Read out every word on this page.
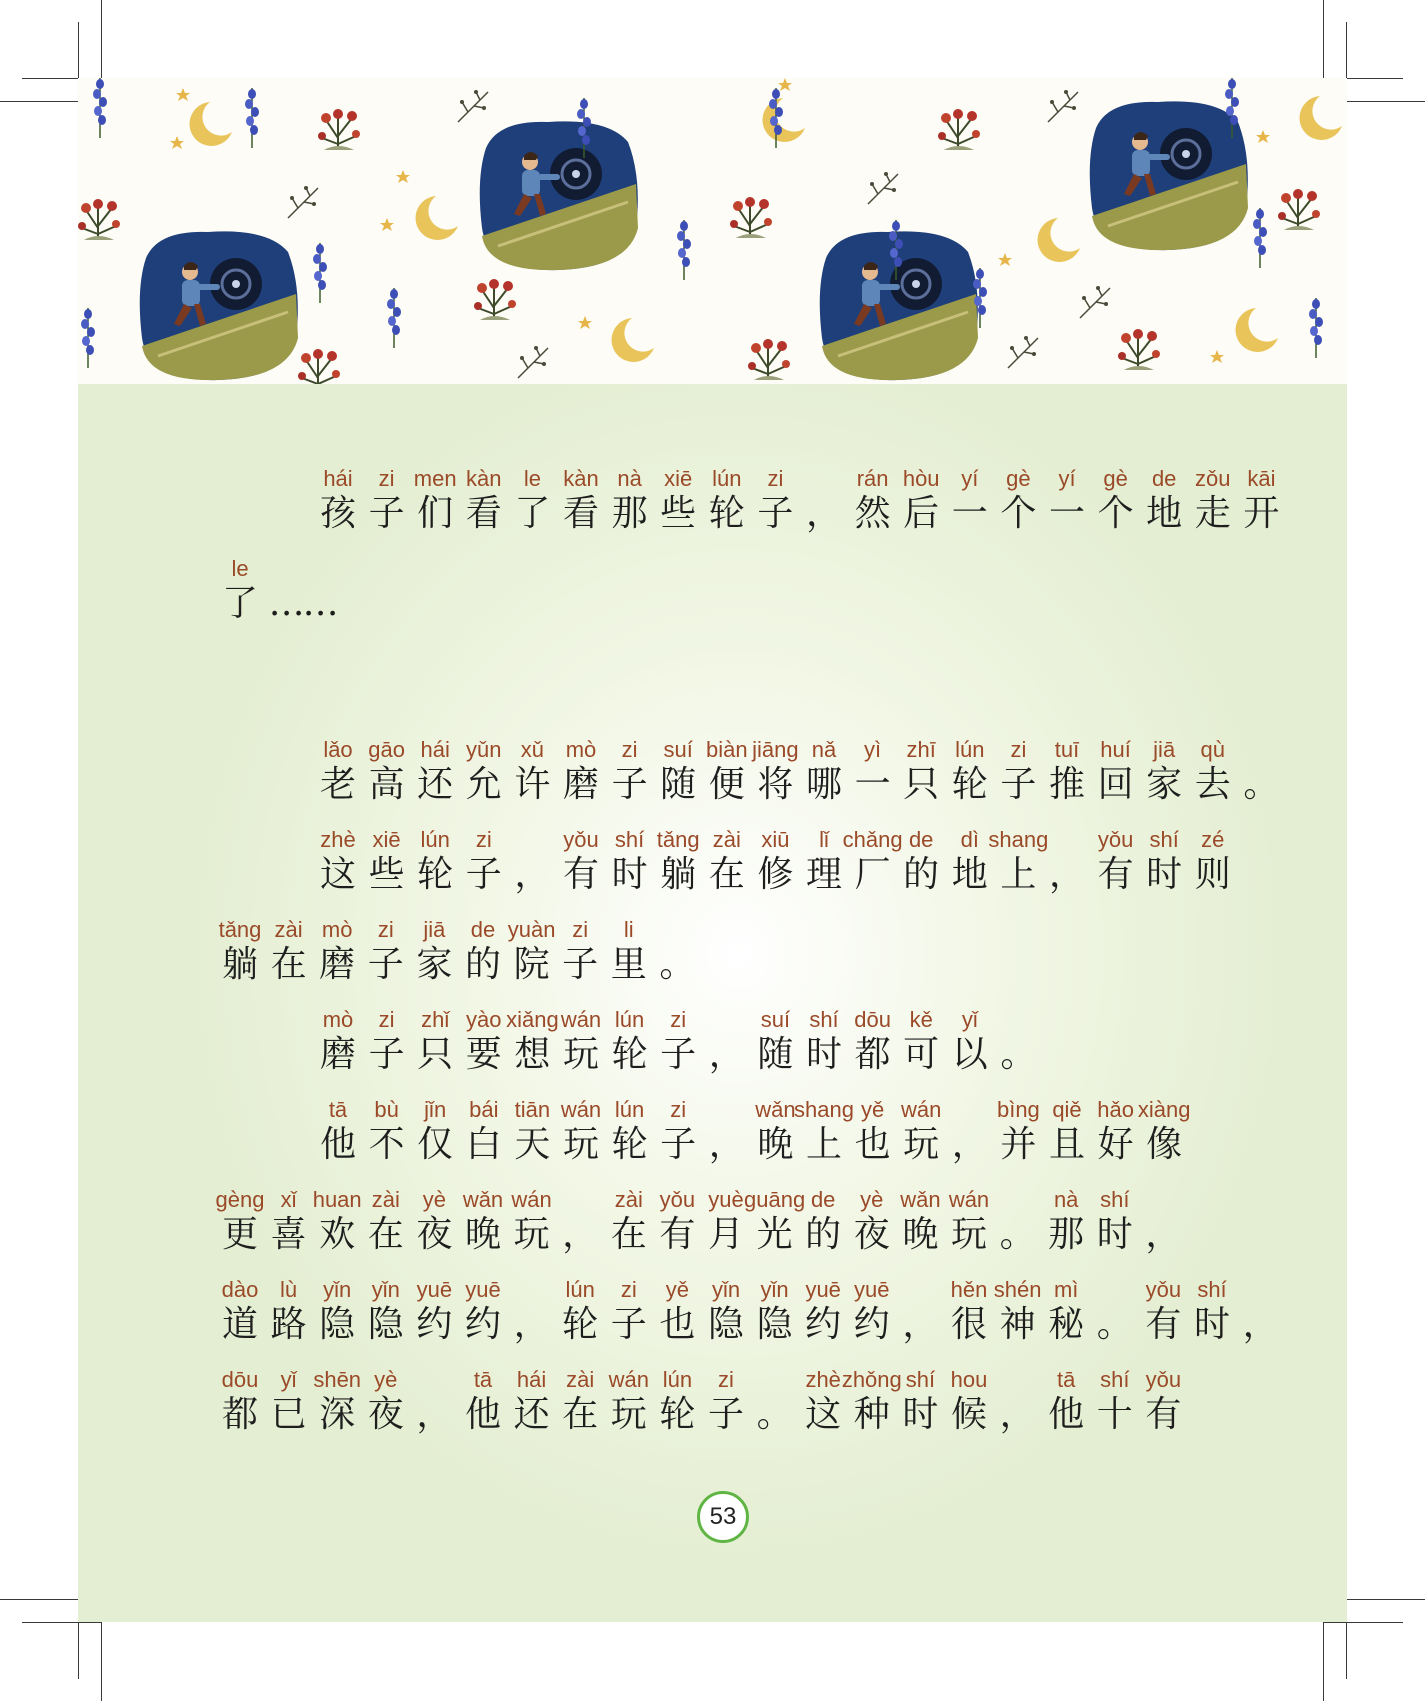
hái
孩
zi
子
men
们
kàn
看
le
了
kàn
看
nà
那
xiē
些
lún
轮
zi
子 ，
rán
然
hòu
后
yí
一
gè
个
yí
一
gè
个
de
地
zǒu
走
kāi
开
le
了 ……
lǎo
老
gāo
高
hái
还
yǔn
允
xǔ
许
mò
磨
zi
子
suí
随
biàn
便
jiāng
将
nǎ
哪
yì
一
zhī
只
lún
轮
zi
子
tuī
推
huí
回
jiā
家
qù
去 。
zhè
这
xiē
些
lún
轮
zi
子 ，
yǒu
有
shí
时
tǎng
躺
zài
在
xiū
修
lǐ
理
chǎng
厂
de
的
dì
地
shang
上 ，
yǒu
有
shí
时
zé
则
tǎng
躺
zài
在
mò
磨
zi
子
jiā
家
de
的
yuàn
院
zi
子
li
里 。
mò
磨
zi
子
zhǐ
只
yào
要
xiǎng
想
wán
玩
lún
轮
zi
子 ，
suí
随
shí
时
dōu
都
kě
可
yǐ
以 。
tā
他
bù
不
jǐn
仅
bái
白
tiān
天
wán
玩
lún
轮
zi
子 ，
wǎn
晚
shang
上
yě
也
wán
玩 ，
bìng
并
qiě
且
hǎo
好
xiàng
像
gèng
更
xǐ
喜
huan
欢
zài
在
yè
夜
wǎn
晚
wán
玩 ，
zài
在
yǒu
有
yuè
月
guāng
光
de
的
yè
夜
wǎn
晚
wán
玩 。
nà
那
shí
时 ，
dào
道
lù
路
yǐn
隐
yǐn
隐
yuē
约
yuē
约 ，
lún
轮
zi
子
yě
也
yǐn
隐
yǐn
隐
yuē
约
yuē
约 ，
hěn
很
shén
神
mì
秘 。
yǒu
有
shí
时 ，
dōu
都
yǐ
已
shēn
深
yè
夜 ，
tā
他
hái
还
zài
在
wán
玩
lún
轮
zi
子 。
zhè
这
zhǒng
种
shí
时
hou
候 ，
tā
他
shí
十
yǒu
有
53
